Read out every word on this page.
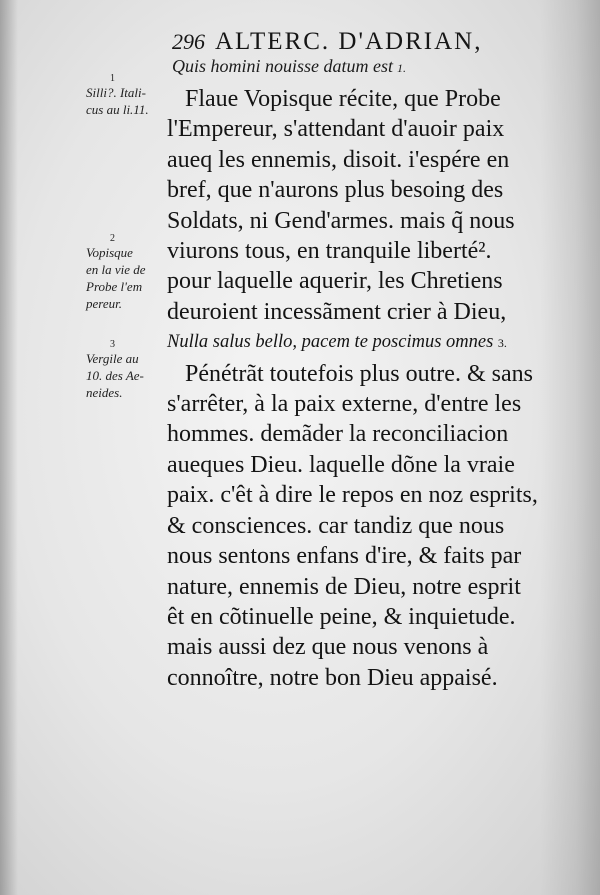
296 ALTERC. D'ADRIAN,
Quis homini nouisse datum est 1.
1
Silli?. Itali-
cus au li.11.
2
Vopisque
en la vie de
Probe l'em
pereur.
3
Vergile au
10. des Ae-
neides.
Flaue Vopisque récite, que Probe
l'Empereur, s'attendant d'auoir paix
aueq les ennemis, disoit. i'espére en
bref, que n'aurons plus besoing des
Soldats, ni Gend'armes. mais q̃ nous
viurons tous, en tranquile liberté².
pour laquelle aquerir, les Chretiens
deuroient incessãment crier à Dieu,
Nulla salus bello, pacem te poscimus omnes 3.
Pénétrãt toutefois plus outre. & sans
s'arrêter, à la paix externe, d'entre les
hommes. demãder la reconciliacion
aueques Dieu. laquelle dõne la vraie
paix. c'êt à dire le repos en noz esprits,
& consciences. car tandiz que nous
nous sentons enfans d'ire, & faits par
nature, ennemis de Dieu, notre esprit
êt en cõtinuelle peine, & inquietude.
mais aussi dez que nous venons à
connoître, notre bon Dieu appaisé.
